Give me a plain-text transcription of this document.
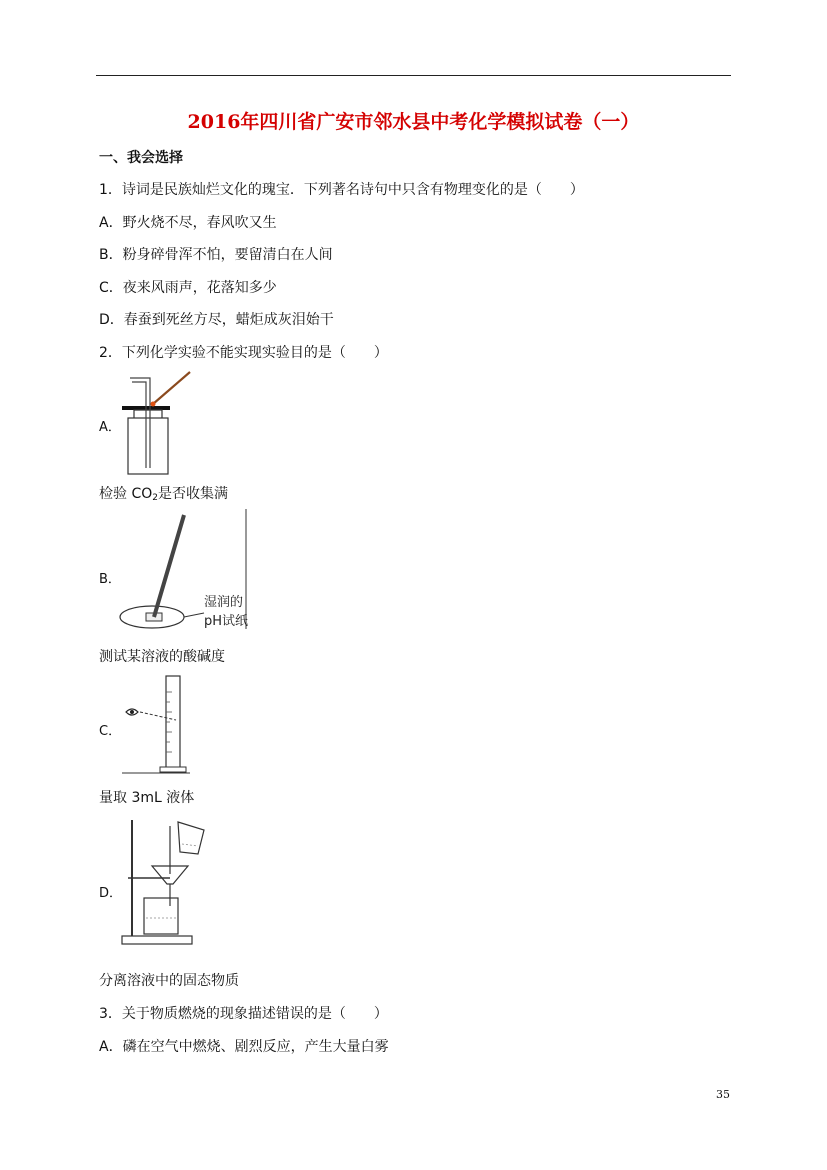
2016年四川省广安市邻水县中考化学模拟试卷（一）
一、我会选择
1．诗词是民族灿烂文化的瑰宝．下列著名诗句中只含有物理变化的是（　　）
A．野火烧不尽，春风吹又生
B．粉身碎骨浑不怕，要留清白在人间
C．夜来风雨声，花落知多少
D．春蚕到死丝方尽，蜡炬成灰泪始干
2．下列化学实验不能实现实验目的是（　　）
A．
检验 $CO_2$是否收集满
B．
湿润的
pH试纸
测试某溶液的酸碱度
C．
量取 3mL 液体
D．
分离溶液中的固态物质
3．关于物质燃烧的现象描述错误的是（　　）
A．磷在空气中燃烧、剧烈反应，产生大量白雾
35
